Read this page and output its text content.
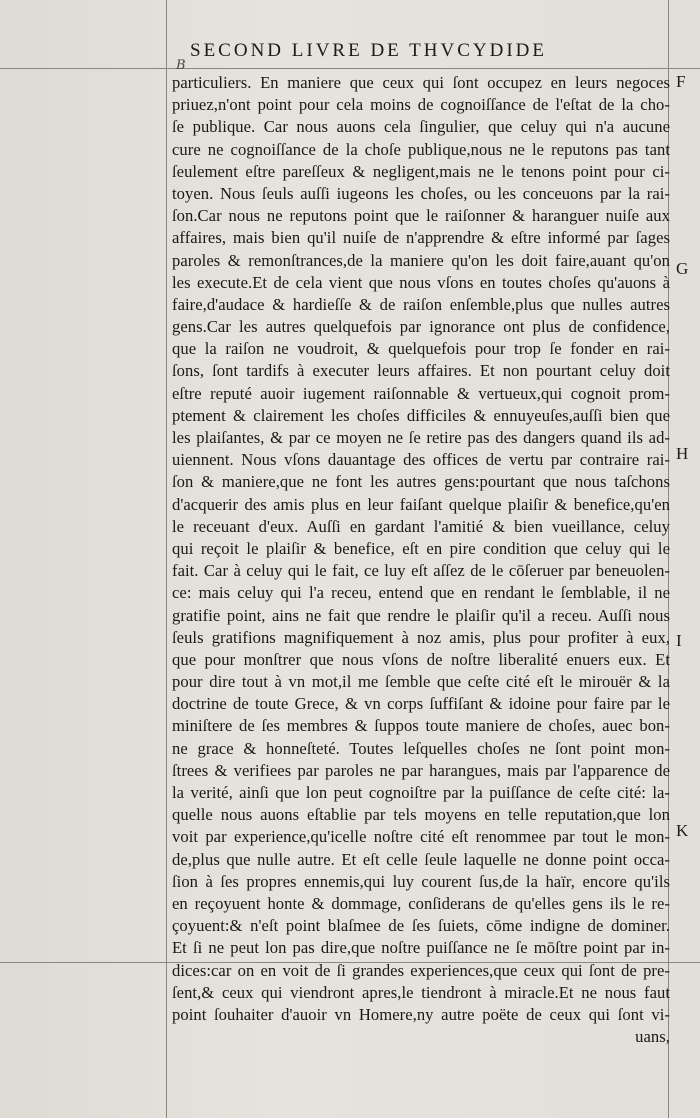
B
SECOND LIVRE DE THVCYDIDE
particuliers. En maniere que ceux qui ſont occupez en leurs negoces
priuez,n'ont point pour cela moins de cognoiſſance de l'eſtat de la cho-
ſe publique. Car nous auons cela ſingulier, que celuy qui n'a aucune
cure ne cognoiſſance de la choſe publique,nous ne le reputons pas tant
ſeulement eſtre pareſſeux & negligent,mais ne le tenons point pour ci-
toyen. Nous ſeuls auſſi iugeons les choſes, ou les conceuons par la rai-
ſon.Car nous ne reputons point que le raiſonner & haranguer nuiſe aux
affaires, mais bien qu'il nuiſe de n'apprendre & eſtre informé par ſages
paroles & remonſtrances,de la maniere qu'on les doit faire,auant qu'on
les execute.Et de cela vient que nous vſons en toutes choſes qu'auons à
faire,d'audace & hardieſſe & de raiſon enſemble,plus que nulles autres
gens.Car les autres quelquefois par ignorance ont plus de confidence,
que la raiſon ne voudroit, & quelquefois pour trop ſe fonder en rai-
ſons, ſont tardifs à executer leurs affaires. Et non pourtant celuy doit
eſtre reputé auoir iugement raiſonnable & vertueux,qui cognoit prom-
ptement & clairement les choſes difficiles & ennuyeuſes,auſſi bien que
les plaiſantes, & par ce moyen ne ſe retire pas des dangers quand ils ad-
uiennent. Nous vſons dauantage des offices de vertu par contraire rai-
ſon & maniere,que ne font les autres gens:pourtant que nous taſchons
d'acquerir des amis plus en leur faiſant quelque plaiſir & benefice,qu'en
le receuant d'eux. Auſſi en gardant l'amitié & bien vueillance, celuy
qui reçoit le plaiſir & benefice, eſt en pire condition que celuy qui le
fait. Car à celuy qui le fait, ce luy eſt aſſez de le cōſeruer par beneuolen-
ce: mais celuy qui l'a receu, entend que en rendant le ſemblable, il ne
gratifie point, ains ne fait que rendre le plaiſir qu'il a receu. Auſſi nous
ſeuls gratifions magnifiquement à noz amis, plus pour profiter à eux,
que pour monſtrer que nous vſons de noſtre liberalité enuers eux. Et
pour dire tout à vn mot,il me ſemble que ceſte cité eſt le mirouër & la
doctrine de toute Grece, & vn corps ſuffiſant & idoine pour faire par le
miniſtere de ſes membres & ſuppos toute maniere de choſes, auec bon-
ne grace & honneſteté. Toutes leſquelles choſes ne ſont point mon-
ſtrees & verifiees par paroles ne par harangues, mais par l'apparence de
la verité, ainſi que lon peut cognoiſtre par la puiſſance de ceſte cité: la-
quelle nous auons eſtablie par tels moyens en telle reputation,que lon
voit par experience,qu'icelle noſtre cité eſt renommee par tout le mon-
de,plus que nulle autre. Et eſt celle ſeule laquelle ne donne point occa-
ſion à ſes propres ennemis,qui luy courent ſus,de la haïr, encore qu'ils
en reçoyuent honte & dommage, conſiderans de qu'elles gens ils le re-
çoyuent:& n'eſt point blaſmee de ſes ſuiets, cōme indigne de dominer.
Et ſi ne peut lon pas dire,que noſtre puiſſance ne ſe mōſtre point par in-
dices:car on en voit de ſi grandes experiences,que ceux qui ſont de pre-
ſent,& ceux qui viendront apres,le tiendront à miracle.Et ne nous faut
point ſouhaiter d'auoir vn Homere,ny autre poëte de ceux qui ſont vi-
uans,
F
G
H
I
K
